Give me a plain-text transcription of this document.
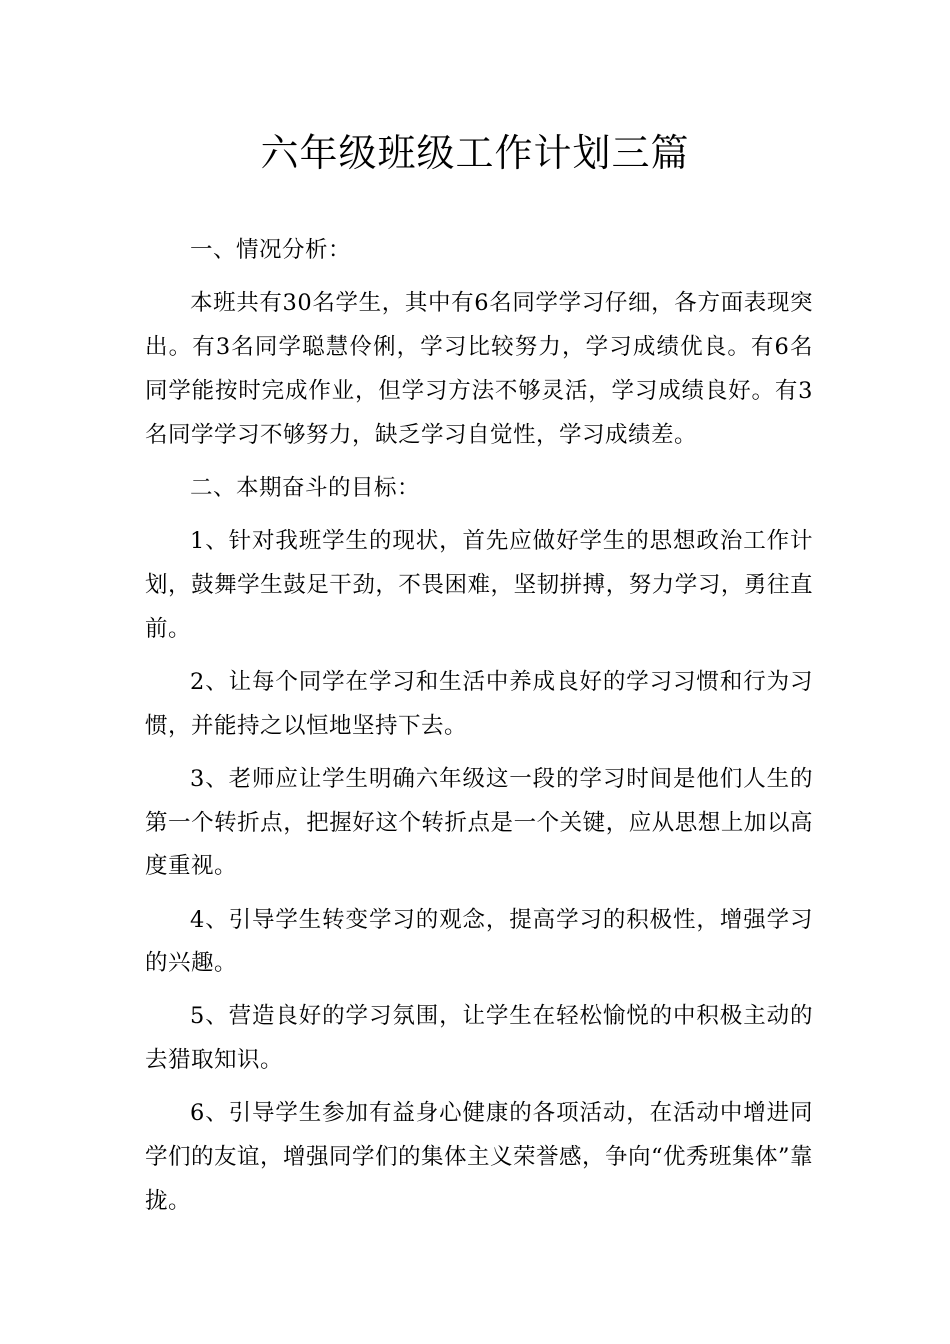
六年级班级工作计划三篇

一、情况分析：

本班共有30名学生，其中有6名同学学习仔细，各方面表现突出。有3名同学聪慧伶俐，学习比较努力，学习成绩优良。有6名同学能按时完成作业，但学习方法不够灵活，学习成绩良好。有3名同学学习不够努力，缺乏学习自觉性，学习成绩差。

二、本期奋斗的目标：

1、针对我班学生的现状，首先应做好学生的思想政治工作计划，鼓舞学生鼓足干劲，不畏困难，坚韧拼搏，努力学习，勇往直前。

2、让每个同学在学习和生活中养成良好的学习习惯和行为习惯，并能持之以恒地坚持下去。

3、老师应让学生明确六年级这一段的学习时间是他们人生的第一个转折点，把握好这个转折点是一个关键，应从思想上加以高度重视。

4、引导学生转变学习的观念，提高学习的积极性，增强学习的兴趣。

5、营造良好的学习氛围，让学生在轻松愉悦的中积极主动的去猎取知识。

6、引导学生参加有益身心健康的各项活动，在活动中增进同学们的友谊，增强同学们的集体主义荣誉感，争向“优秀班集体”靠拢。
